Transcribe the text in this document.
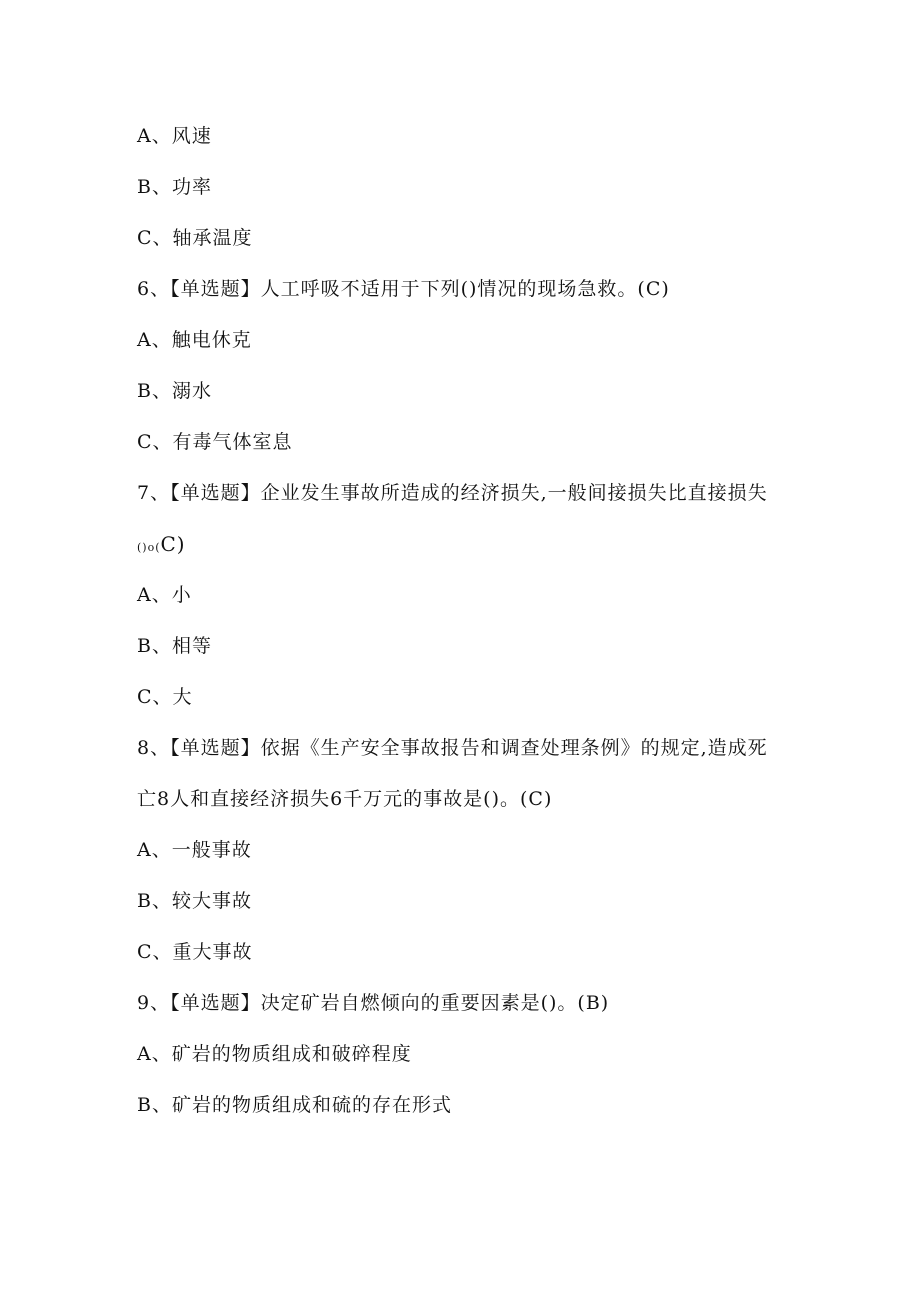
A、风速
B、功率
C、轴承温度
6、【单选题】人工呼吸不适用于下列()情况的现场急救。(C)
A、触电休克
B、溺水
C、有毒气体室息
7、【单选题】企业发生事故所造成的经济损失,一般间接损失比直接损失
()o(C)
A、小
B、相等
C、大
8、【单选题】依据《生产安全事故报告和调查处理条例》的规定,造成死
亡8人和直接经济损失6千万元的事故是()。(C)
A、一般事故
B、较大事故
C、重大事故
9、【单选题】决定矿岩自燃倾向的重要因素是()。(B)
A、矿岩的物质组成和破碎程度
B、矿岩的物质组成和硫的存在形式
